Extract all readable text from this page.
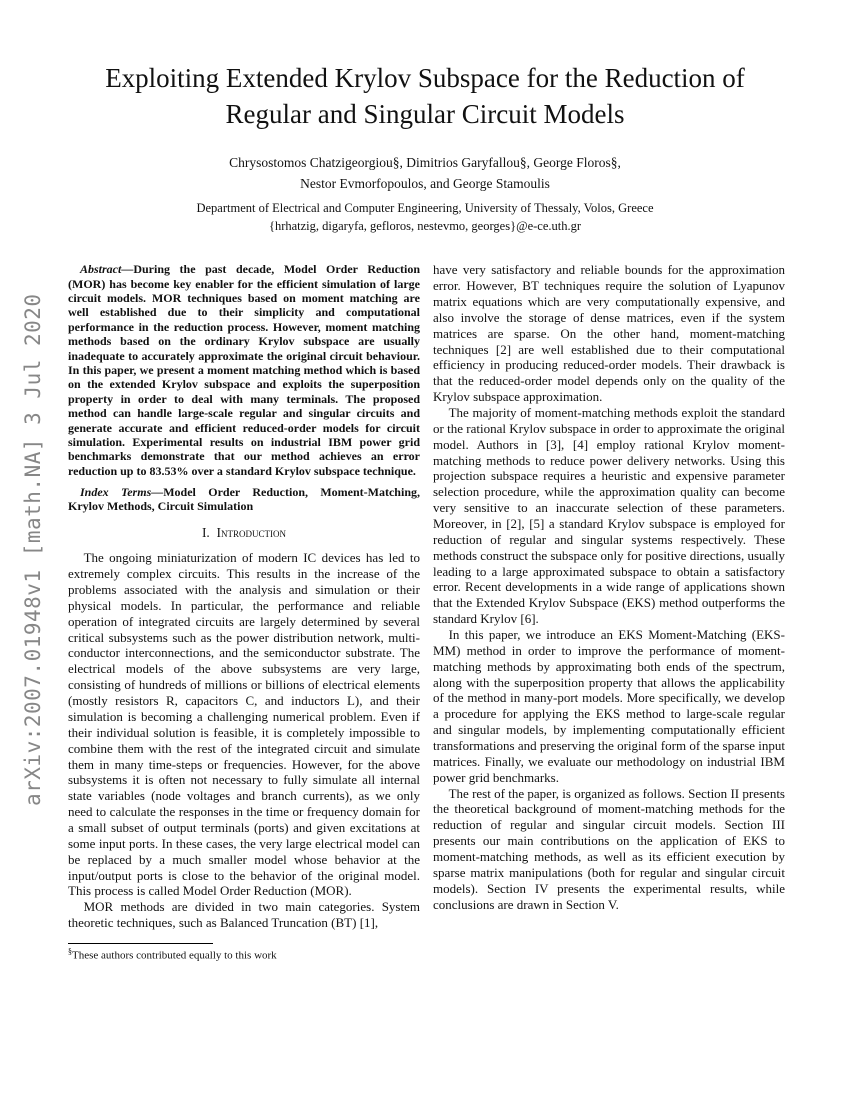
arXiv:2007.01948v1 [math.NA] 3 Jul 2020
Exploiting Extended Krylov Subspace for the Reduction of Regular and Singular Circuit Models
Chrysostomos Chatzigeorgiou§, Dimitrios Garyfallou§, George Floros§,
Nestor Evmorfopoulos, and George Stamoulis
Department of Electrical and Computer Engineering, University of Thessaly, Volos, Greece
{hrhatzig, digaryfa, gefloros, nestevmo, georges}@e-ce.uth.gr

Abstract—During the past decade, Model Order Reduction (MOR) has become key enabler for the efficient simulation of large circuit models. MOR techniques based on moment matching are well established due to their simplicity and computational performance in the reduction process. However, moment matching methods based on the ordinary Krylov subspace are usually inadequate to accurately approximate the original circuit behaviour. In this paper, we present a moment matching method which is based on the extended Krylov subspace and exploits the superposition property in order to deal with many terminals. The proposed method can handle large-scale regular and singular circuits and generate accurate and efficient reduced-order models for circuit simulation. Experimental results on industrial IBM power grid benchmarks demonstrate that our method achieves an error reduction up to 83.53% over a standard Krylov subspace technique.

Index Terms—Model Order Reduction, Moment-Matching, Krylov Methods, Circuit Simulation

I.  Introduction

The ongoing miniaturization of modern IC devices has led to extremely complex circuits. This results in the increase of the problems associated with the analysis and simulation or their physical models. In particular, the performance and reliable operation of integrated circuits are largely determined by several critical subsystems such as the power distribution network, multi-conductor interconnections, and the semiconductor substrate. The electrical models of the above subsystems are very large, consisting of hundreds of millions or billions of electrical elements (mostly resistors R, capacitors C, and inductors L), and their simulation is becoming a challenging numerical problem. Even if their individual solution is feasible, it is completely impossible to combine them with the rest of the integrated circuit and simulate them in many time-steps or frequencies. However, for the above subsystems it is often not necessary to fully simulate all internal state variables (node voltages and branch currents), as we only need to calculate the responses in the time or frequency domain for a small subset of output terminals (ports) and given excitations at some input ports. In these cases, the very large electrical model can be replaced by a much smaller model whose behavior at the input/output ports is close to the behavior of the original model. This process is called Model Order Reduction (MOR).

MOR methods are divided in two main categories. System theoretic techniques, such as Balanced Truncation (BT) [1],

§These authors contributed equally to this work

have very satisfactory and reliable bounds for the approximation error. However, BT techniques require the solution of Lyapunov matrix equations which are very computationally expensive, and also involve the storage of dense matrices, even if the system matrices are sparse. On the other hand, moment-matching techniques [2] are well established due to their computational efficiency in producing reduced-order models. Their drawback is that the reduced-order model depends only on the quality of the Krylov subspace approximation.

The majority of moment-matching methods exploit the standard or the rational Krylov subspace in order to approximate the original model. Authors in [3], [4] employ rational Krylov moment-matching methods to reduce power delivery networks. Using this projection subspace requires a heuristic and expensive parameter selection procedure, while the approximation quality can become very sensitive to an inaccurate selection of these parameters. Moreover, in [2], [5] a standard Krylov subspace is employed for reduction of regular and singular systems respectively. These methods construct the subspace only for positive directions, usually leading to a large approximated subspace to obtain a satisfactory error. Recent developments in a wide range of applications shown that the Extended Krylov Subspace (EKS) method outperforms the standard Krylov [6].

In this paper, we introduce an EKS Moment-Matching (EKS-MM) method in order to improve the performance of moment-matching methods by approximating both ends of the spectrum, along with the superposition property that allows the applicability of the method in many-port models. More specifically, we develop a procedure for applying the EKS method to large-scale regular and singular models, by implementing computationally efficient transformations and preserving the original form of the sparse input matrices. Finally, we evaluate our methodology on industrial IBM power grid benchmarks.

The rest of the paper, is organized as follows. Section II presents the theoretical background of moment-matching methods for the reduction of regular and singular circuit models. Section III presents our main contributions on the application of EKS to moment-matching methods, as well as its efficient execution by sparse matrix manipulations (both for regular and singular circuit models). Section IV presents the experimental results, while conclusions are drawn in Section V.
